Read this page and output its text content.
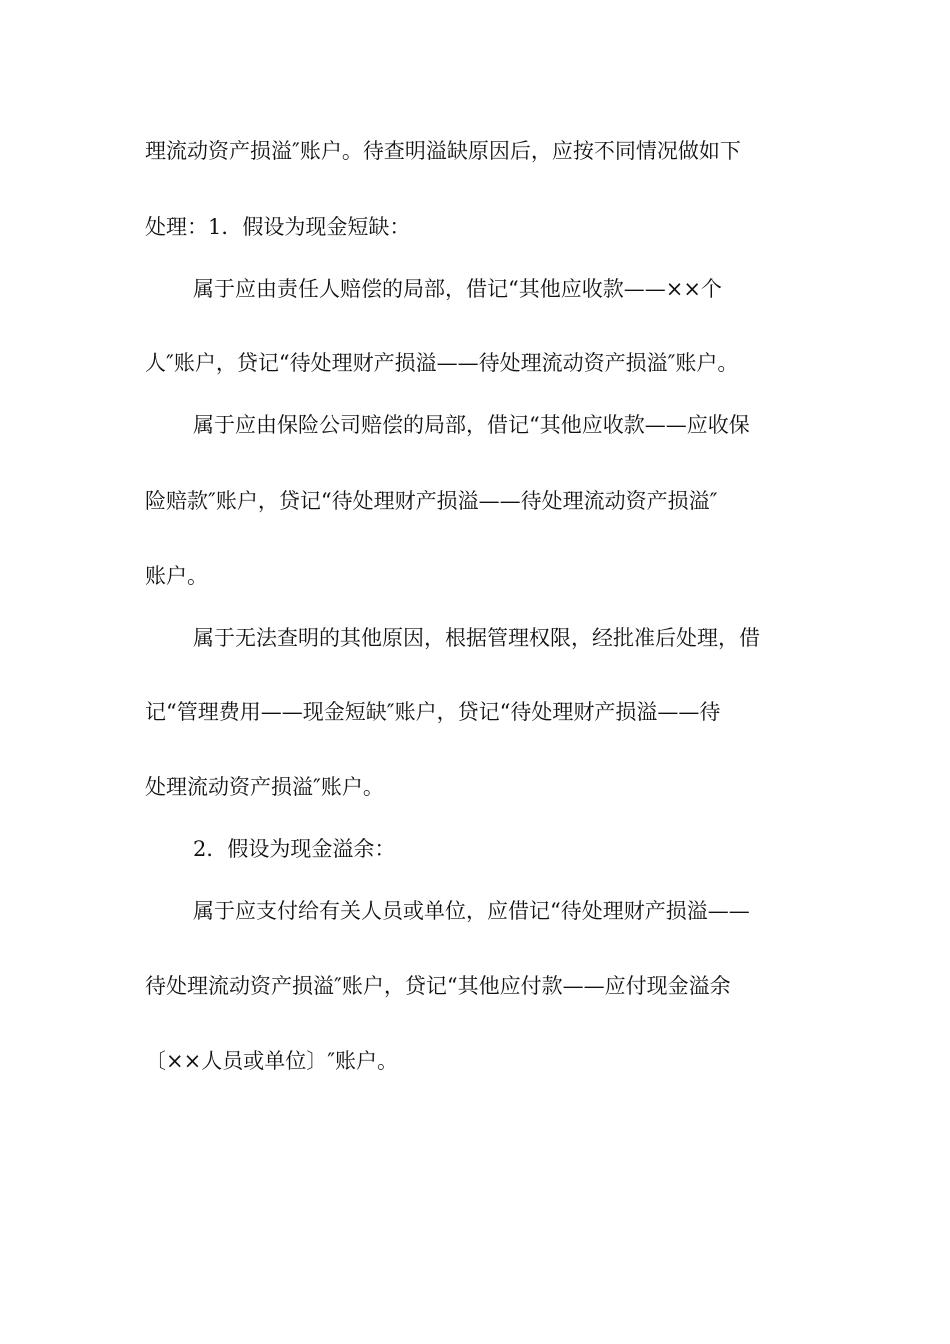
理流动资产损溢″账户。待查明溢缺原因后，应按不同情况做如下
处理：1．假设为现金短缺：
属于应由责任人赔偿的局部，借记“其他应收款——××个
人″账户，贷记“待处理财产损溢——待处理流动资产损溢″账户。
属于应由保险公司赔偿的局部，借记“其他应收款——应收保
险赔款″账户，贷记“待处理财产损溢——待处理流动资产损溢″
账户。
属于无法查明的其他原因，根据管理权限，经批准后处理，借
记“管理费用——现金短缺″账户，贷记“待处理财产损溢——待
处理流动资产损溢″账户。
2．假设为现金溢余：
属于应支付给有关人员或单位，应借记“待处理财产损溢——
待处理流动资产损溢″账户，贷记“其他应付款——应付现金溢余
〔××人员或单位〕″账户。
